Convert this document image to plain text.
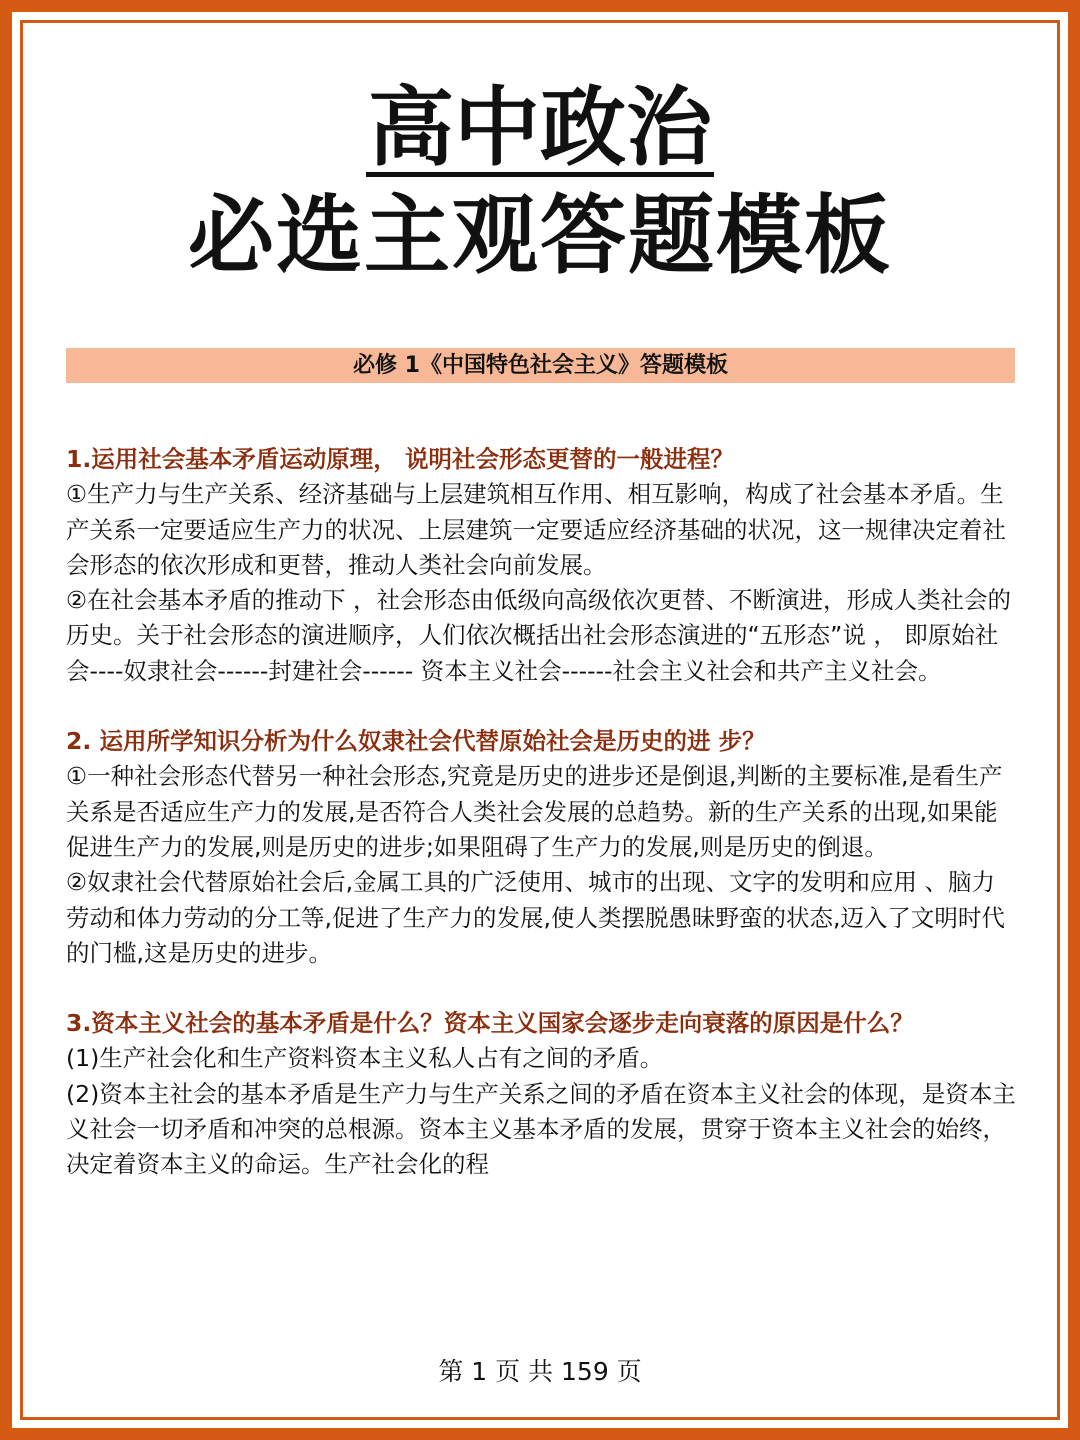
高中政治
必选主观答题模板
必修 1《中国特色社会主义》答题模板

1.运用社会基本矛盾运动原理， 说明社会形态更替的一般进程？

①生产力与生产关系、经济基础与上层建筑相互作用、相互影响，构成了社会基本矛盾。生产关系一定要适应生产力的状况、上层建筑一定要适应经济基础的状况，这一规律决定着社会形态的依次形成和更替，推动人类社会向前发展。

②在社会基本矛盾的推动下 ，社会形态由低级向高级依次更替、不断演进，形成人类社会的历史。关于社会形态的演进顺序，人们依次概括出社会形态演进的“五形态”说 ， 即原始社会----奴隶社会------封建社会------ 资本主义社会------社会主义社会和共产主义社会。

2. 运用所学知识分析为什么奴隶社会代替原始社会是历史的进 步？

①一种社会形态代替另一种社会形态,究竟是历史的进步还是倒退,判断的主要标准,是看生产关系是否适应生产力的发展,是否符合人类社会发展的总趋势。新的生产关系的出现,如果能促进生产力的发展,则是历史的进步;如果阻碍了生产力的发展,则是历史的倒退。

②奴隶社会代替原始社会后,金属工具的广泛使用、城市的出现、文字的发明和应用 、脑力劳动和体力劳动的分工等,促进了生产力的发展,使人类摆脱愚昧野蛮的状态,迈入了文明时代的门槛,这是历史的进步。

3.资本主义社会的基本矛盾是什么？资本主义国家会逐步走向衰落的原因是什么？

(1)生产社会化和生产资料资本主义私人占有之间的矛盾。

(2)资本主社会的基本矛盾是生产力与生产关系之间的矛盾在资本主义社会的体现，是资本主义社会一切矛盾和冲突的总根源。资本主义基本矛盾的发展，贯穿于资本主义社会的始终，决定着资本主义的命运。生产社会化的程

第 1 页 共 159 页
